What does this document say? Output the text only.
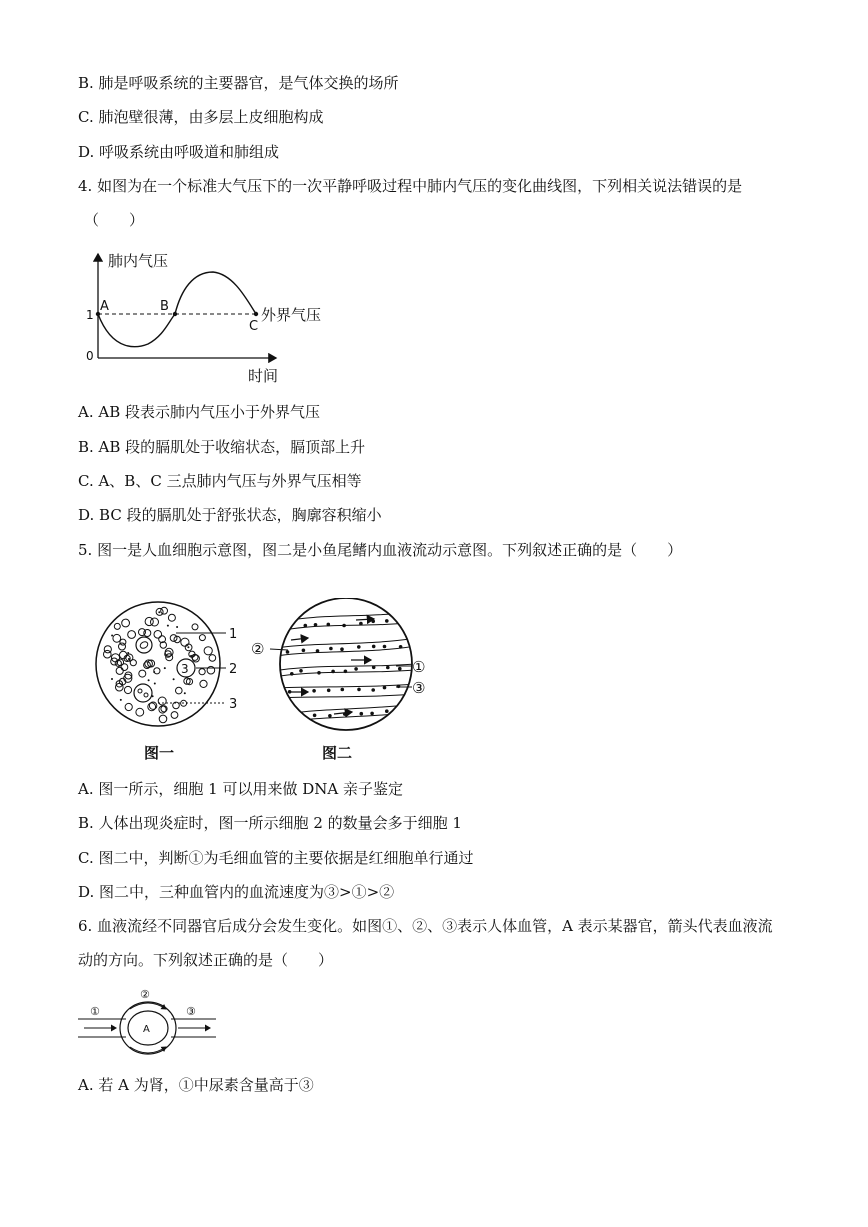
B. 肺是呼吸系统的主要器官，是气体交换的场所
C. 肺泡壁很薄，由多层上皮细胞构成
D. 呼吸系统由呼吸道和肺组成
4. 如图为在一个标准大气压下的一次平静呼吸过程中肺内气压的变化曲线图，下列相关说法错误的是
（　　）
肺内气压
时间
1
0
A	B
C
外界气压
A. AB 段表示肺内气压小于外界气压
B. AB 段的膈肌处于收缩状态，膈顶部上升
C. A、B、C 三点肺内气压与外界气压相等
D. BC 段的膈肌处于舒张状态，胸廓容积缩小
5. 图一是人血细胞示意图，图二是小鱼尾鳍内血液流动示意图。下列叙述正确的是（　　）
3
1
2
3
图一
①
③
②
图二
A. 图一所示，细胞 1 可以用来做 DNA 亲子鉴定
B. 人体出现炎症时，图一所示细胞 2 的数量会多于细胞 1
C. 图二中，判断①为毛细血管的主要依据是红细胞单行通过
D. 图二中，三种血管内的血流速度为③>①>②
6. 血液流经不同器官后成分会发生变化。如图①、②、③表示人体血管，A 表示某器官，箭头代表血液流
动的方向。下列叙述正确的是（　　）
A
①
②
③
A. 若 A 为肾，①中尿素含量高于③
